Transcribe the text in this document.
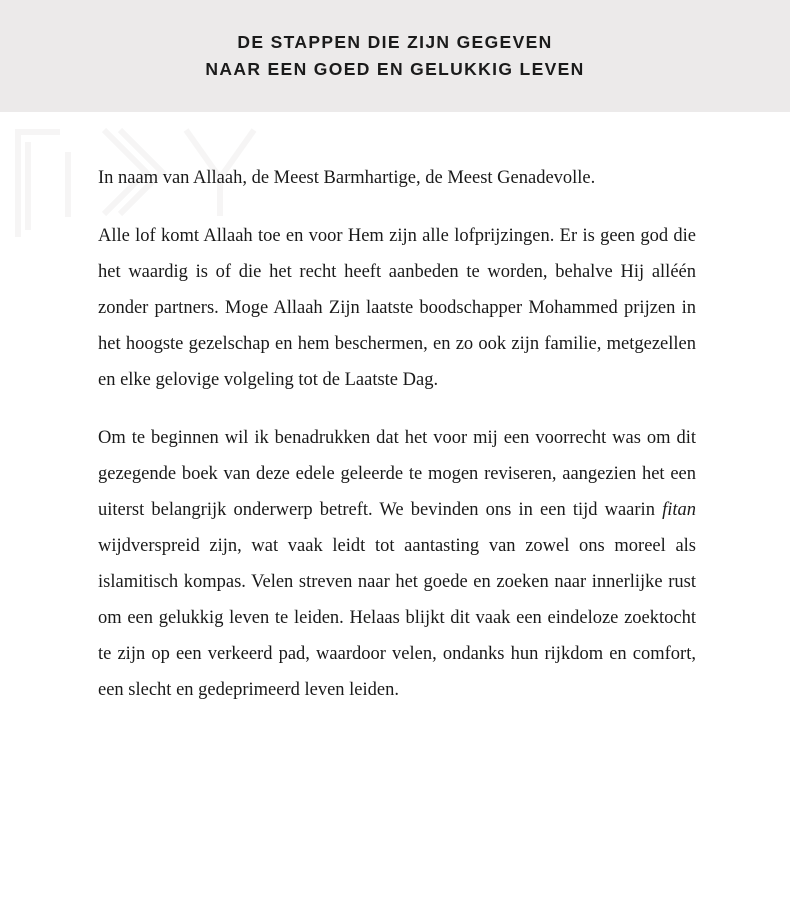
DE STAPPEN DIE ZIJN GEGEVEN
NAAR EEN GOED EN GELUKKIG LEVEN

In naam van Allaah, de Meest Barmhartige, de Meest Genadevolle.

Alle lof komt Allaah toe en voor Hem zijn alle lofprijzingen. Er is geen god die het waardig is of die het recht heeft aanbeden te worden, behalve Hij alléén zonder partners. Moge Allaah Zijn laatste boodschapper Mohammed prijzen in het hoogste gezelschap en hem beschermen, en zo ook zijn familie, metgezellen en elke gelovige volgeling tot de Laatste Dag.

Om te beginnen wil ik benadrukken dat het voor mij een voorrecht was om dit gezegende boek van deze edele geleerde te mogen reviseren, aangezien het een uiterst belangrijk onderwerp betreft. We bevinden ons in een tijd waarin fitan wijdverspreid zijn, wat vaak leidt tot aantasting van zowel ons moreel als islamitisch kompas. Velen streven naar het goede en zoeken naar innerlijke rust om een gelukkig leven te leiden. Helaas blijkt dit vaak een eindeloze zoektocht te zijn op een verkeerd pad, waardoor velen, ondanks hun rijkdom en comfort, een slecht en gedeprimeerd leven leiden.
